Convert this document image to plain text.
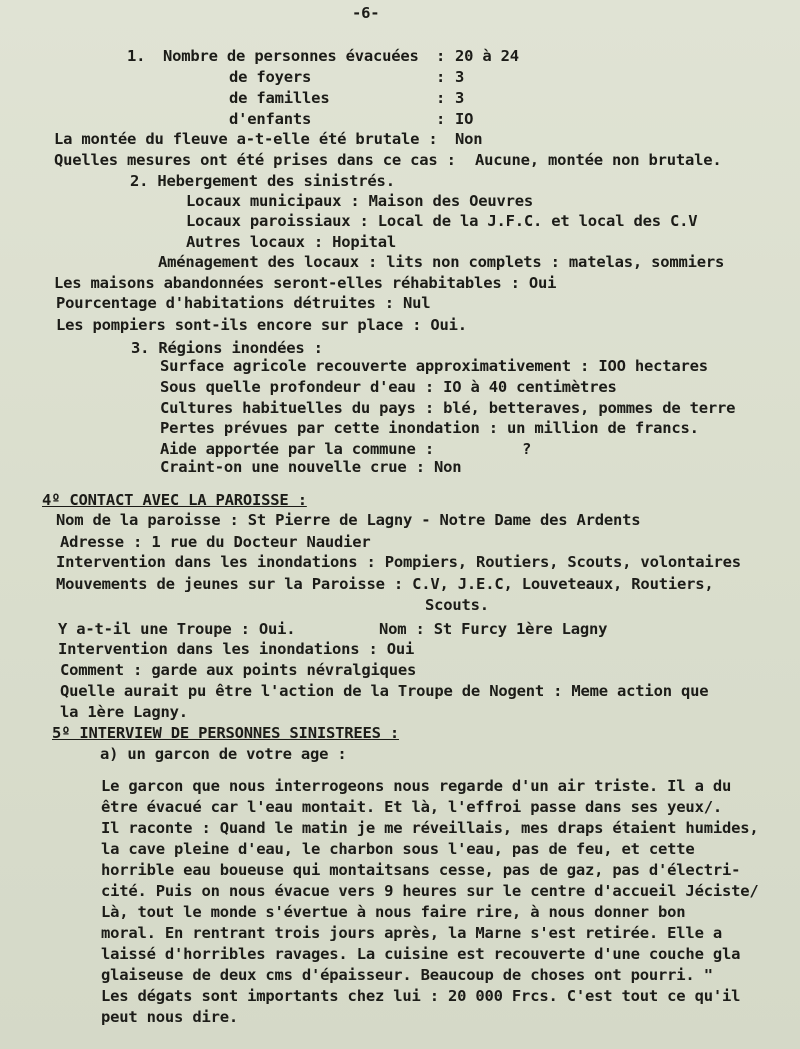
-6-
1. Nombre de personnes évacuées : 20 à 24
de foyers	: 3
de familles	: 3
d'enfants	: IO
La montée du fleuve a-t-elle été brutale : Non
Quelles mesures ont été prises dans ce cas : Aucune, montée non brutale.
2. Hebergement des sinistrés.
Locaux municipaux : Maison des Oeuvres
Locaux paroissiaux : Local de la J.F.C. et local des C.V
Autres locaux : Hopital
Aménagement des locaux : lits non complets : matelas, sommiers
Les maisons abandonnées seront-elles réhabitables : Oui
Pourcentage d'habitations détruites : Nul
Les pompiers sont-ils encore sur place : Oui.
3. Régions inondées :
Surface agricole recouverte approximativement : IOO hectares
Sous quelle profondeur d'eau : IO à 40 centimètres
Cultures habituelles du pays : blé, betteraves, pommes de terre
Pertes prévues par cette inondation : un million de francs.
Aide apportée par la commune :	?
Craint-on une nouvelle crue : Non
4º CONTACT AVEC LA PAROISSE :
Nom de la paroisse : St Pierre de Lagny - Notre Dame des Ardents
Adresse : 1 rue du Docteur Naudier
Intervention dans les inondations : Pompiers, Routiers, Scouts, volontaires
Mouvements de jeunes sur la Paroisse : C.V, J.E.C, Louveteaux, Routiers,
Scouts.
Y a-t-il une Troupe : Oui.	Nom : St Furcy 1ère Lagny
Intervention dans les inondations : Oui
Comment : garde aux points névralgiques
Quelle aurait pu être l'action de la Troupe de Nogent : Meme action que
la 1ère Lagny.
5º INTERVIEW DE PERSONNES SINISTREES :
a) un garcon de votre age :
Le garcon que nous interrogeons nous regarde d'un air triste. Il a du
être évacué car l'eau montait. Et là, l'effroi passe dans ses yeux/.
Il raconte : Quand le matin je me réveillais, mes draps étaient humides,
la cave pleine d'eau, le charbon sous l'eau, pas de feu, et cette
horrible eau boueuse qui montaitsans cesse, pas de gaz, pas d'électri-
cité. Puis on nous évacue vers 9 heures sur le centre d'accueil Jéciste/
Là, tout le monde s'évertue à nous faire rire, à nous donner bon
moral. En rentrant trois jours après, la Marne s'est retirée. Elle a
laissé d'horribles ravages. La cuisine est recouverte d'une couche gla
glaiseuse de deux cms d'épaisseur. Beaucoup de choses ont pourri. "
Les dégats sont importants chez lui : 20 000 Frcs. C'est tout ce qu'il
peut nous dire.
